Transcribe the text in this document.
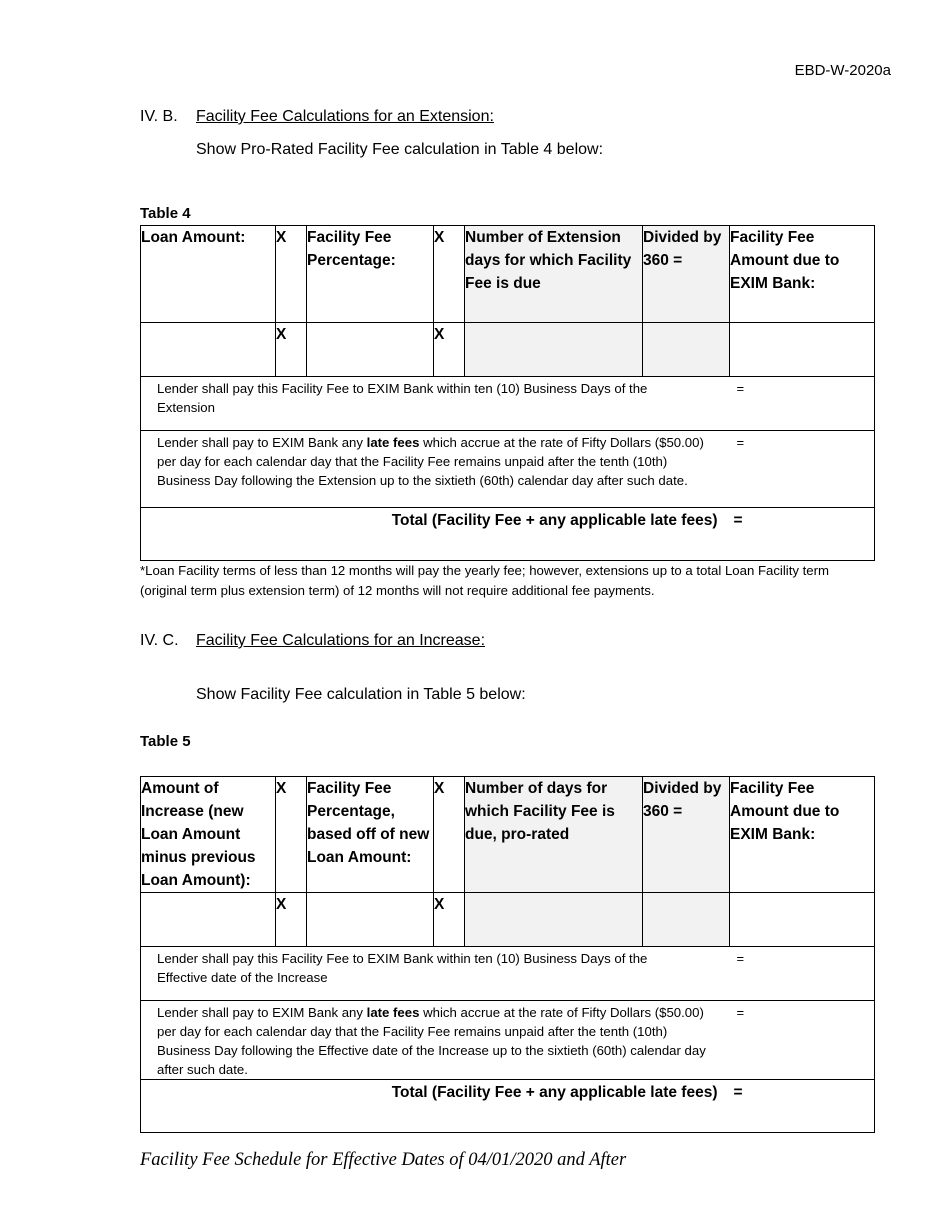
EBD-W-2020a
IV. B. Facility Fee Calculations for an Extension:
Show Pro-Rated Facility Fee calculation in Table 4 below:
Table 4
Loan Amount:	X	Facility Fee Percentage:	X	Number of Extension days for which Facility Fee is due	Divided by 360 =	Facility Fee Amount due to EXIM Bank:
	X		X			

Lender shall pay this Facility Fee to EXIM Bank within ten (10) Business Days of the Extension						=

Lender shall pay to EXIM Bank any late fees which accrue at the rate of Fifty Dollars ($50.00) per day for each calendar day that the Facility Fee remains unpaid after the tenth (10th) Business Day following the Extension up to the sixtieth (60th) calendar day after such date.						=
Total (Facility Fee + any applicable late fees)						=
*Loan Facility terms of less than 12 months will pay the yearly fee; however, extensions up to a total Loan Facility term (original term plus extension term) of 12 months will not require additional fee payments.
IV. C. Facility Fee Calculations for an Increase:
Show Facility Fee calculation in Table 5 below:
Table 5
Amount of Increase (new Loan Amount minus previous Loan Amount):	X	Facility Fee Percentage, based off of new Loan Amount:	X	Number of days for which Facility Fee is due, pro-rated	Divided by 360 =	Facility Fee Amount due to EXIM Bank:
	X		X			

Lender shall pay this Facility Fee to EXIM Bank within ten (10) Business Days of the Effective date of the Increase						=

Lender shall pay to EXIM Bank any late fees which accrue at the rate of Fifty Dollars ($50.00) per day for each calendar day that the Facility Fee remains unpaid after the tenth (10th) Business Day following the Effective date of the Increase up to the sixtieth (60th) calendar day after such date.						=
Total (Facility Fee + any applicable late fees)						=
Facility Fee Schedule for Effective Dates of 04/01/2020 and After
